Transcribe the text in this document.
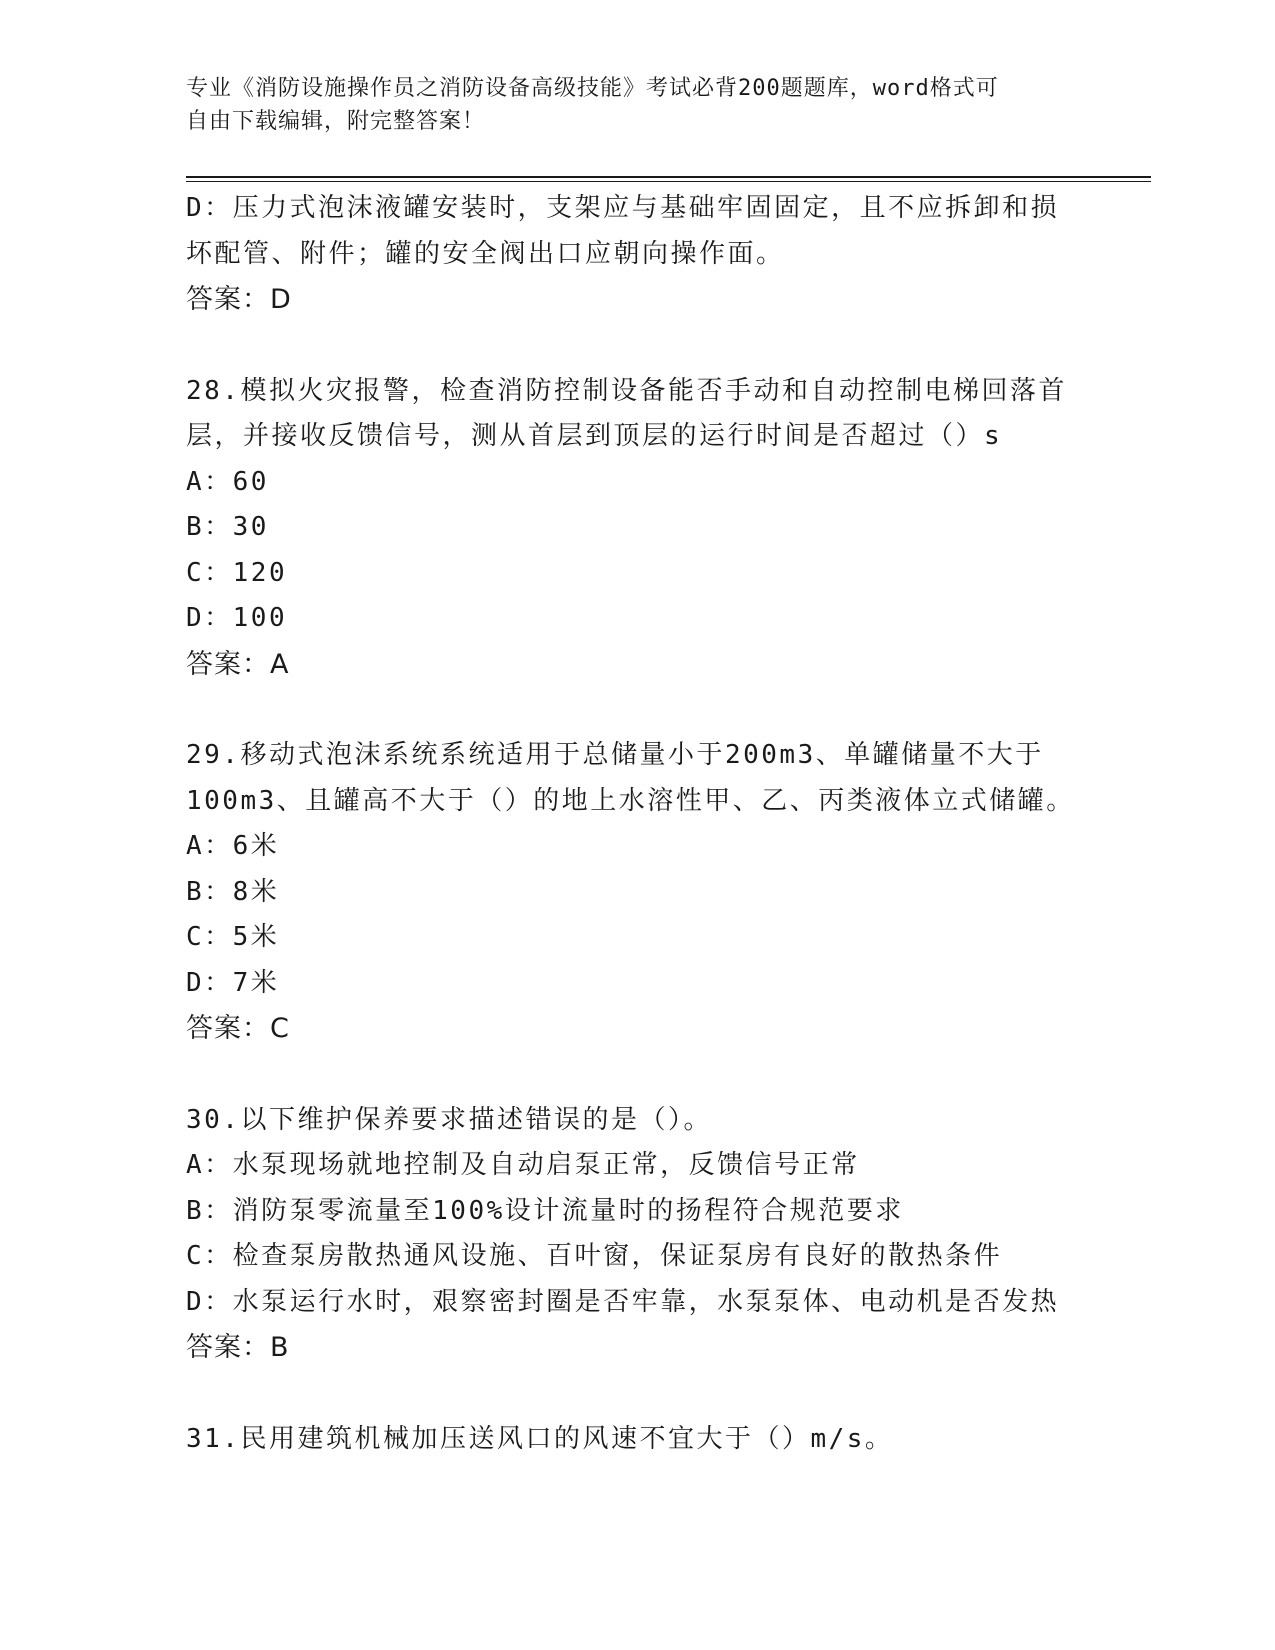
专业《消防设施操作员之消防设备高级技能》考试必背200题题库，word格式可
自由下载编辑，附完整答案！
D：压力式泡沫液罐安装时，支架应与基础牢固固定，且不应拆卸和损
坏配管、附件；罐的安全阀出口应朝向操作面。
答案：D
28.模拟火灾报警，检查消防控制设备能否手动和自动控制电梯回落首
层，并接收反馈信号，测从首层到顶层的运行时间是否超过（）s
A：60
B：30
C：120
D：100
答案：A
29.移动式泡沫系统系统适用于总储量小于200m3、单罐储量不大于
100m3、且罐高不大于（）的地上水溶性甲、乙、丙类液体立式储罐。
A：6米
B：8米
C：5米
D：7米
答案：C
30.以下维护保养要求描述错误的是（）。
A：水泵现场就地控制及自动启泵正常，反馈信号正常
B：消防泵零流量至100%设计流量时的扬程符合规范要求
C：检查泵房散热通风设施、百叶窗，保证泵房有良好的散热条件
D：水泵运行水时，艰察密封圈是否牢靠，水泵泵体、电动机是否发热
答案：B
31.民用建筑机械加压送风口的风速不宜大于（）m/s。
